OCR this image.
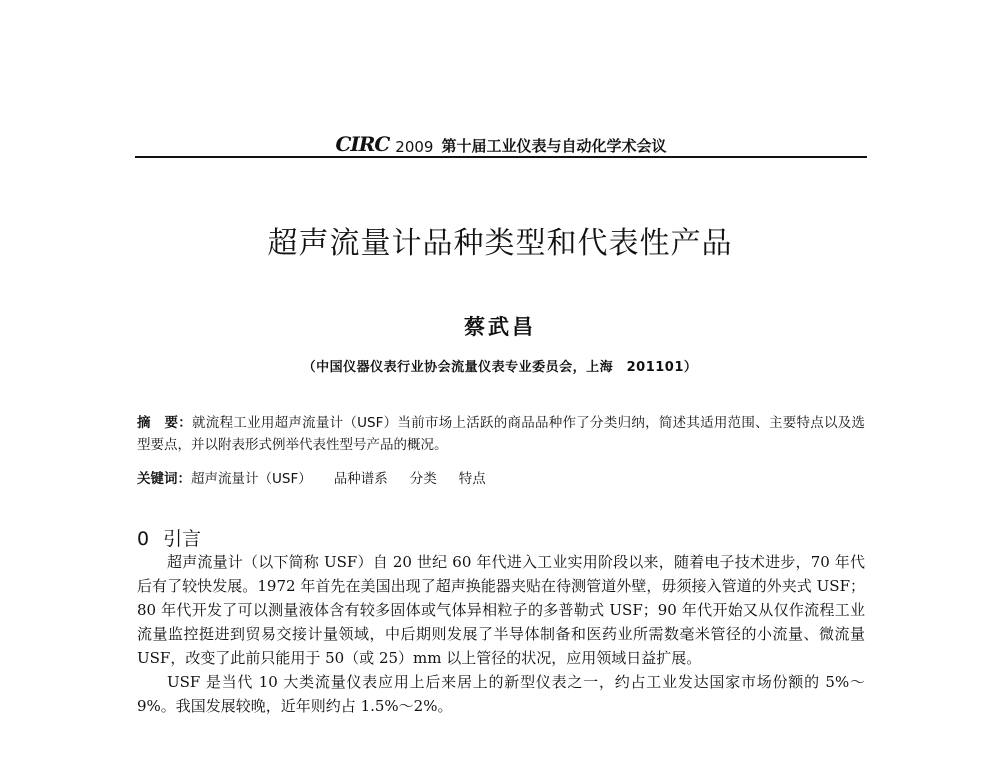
CIRC 2009 第十届工业仪表与自动化学术会议
超声流量计品种类型和代表性产品
蔡武昌
（中国仪器仪表行业协会流量仪表专业委员会，上海　201101）
摘　要：就流程工业用超声流量计（USF）当前市场上活跃的商品品种作了分类归纳，简述其适用范围、主要特点以及选型要点，并以附表形式例举代表性型号产品的概况。
关键词：超声流量计（USF） 品种谱系 分类 特点
0 引言

超声流量计（以下简称 USF）自 20 世纪 60 年代进入工业实用阶段以来，随着电子技术进步，70 年代后有了较快发展。1972 年首先在美国出现了超声换能器夹贴在待测管道外壁，毋须接入管道的外夹式 USF；80 年代开发了可以测量液体含有较多固体或气体异相粒子的多普勒式 USF；90 年代开始又从仅作流程工业流量监控挺进到贸易交接计量领域，中后期则发展了半导体制备和医药业所需数毫米管径的小流量、微流量 USF，改变了此前只能用于 50（或 25）mm 以上管径的状况，应用领域日益扩展。

USF 是当代 10 大类流量仪表应用上后来居上的新型仪表之一，约占工业发达国家市场份额的 5%～9%。我国发展较晚，近年则约占 1.5%～2%。
